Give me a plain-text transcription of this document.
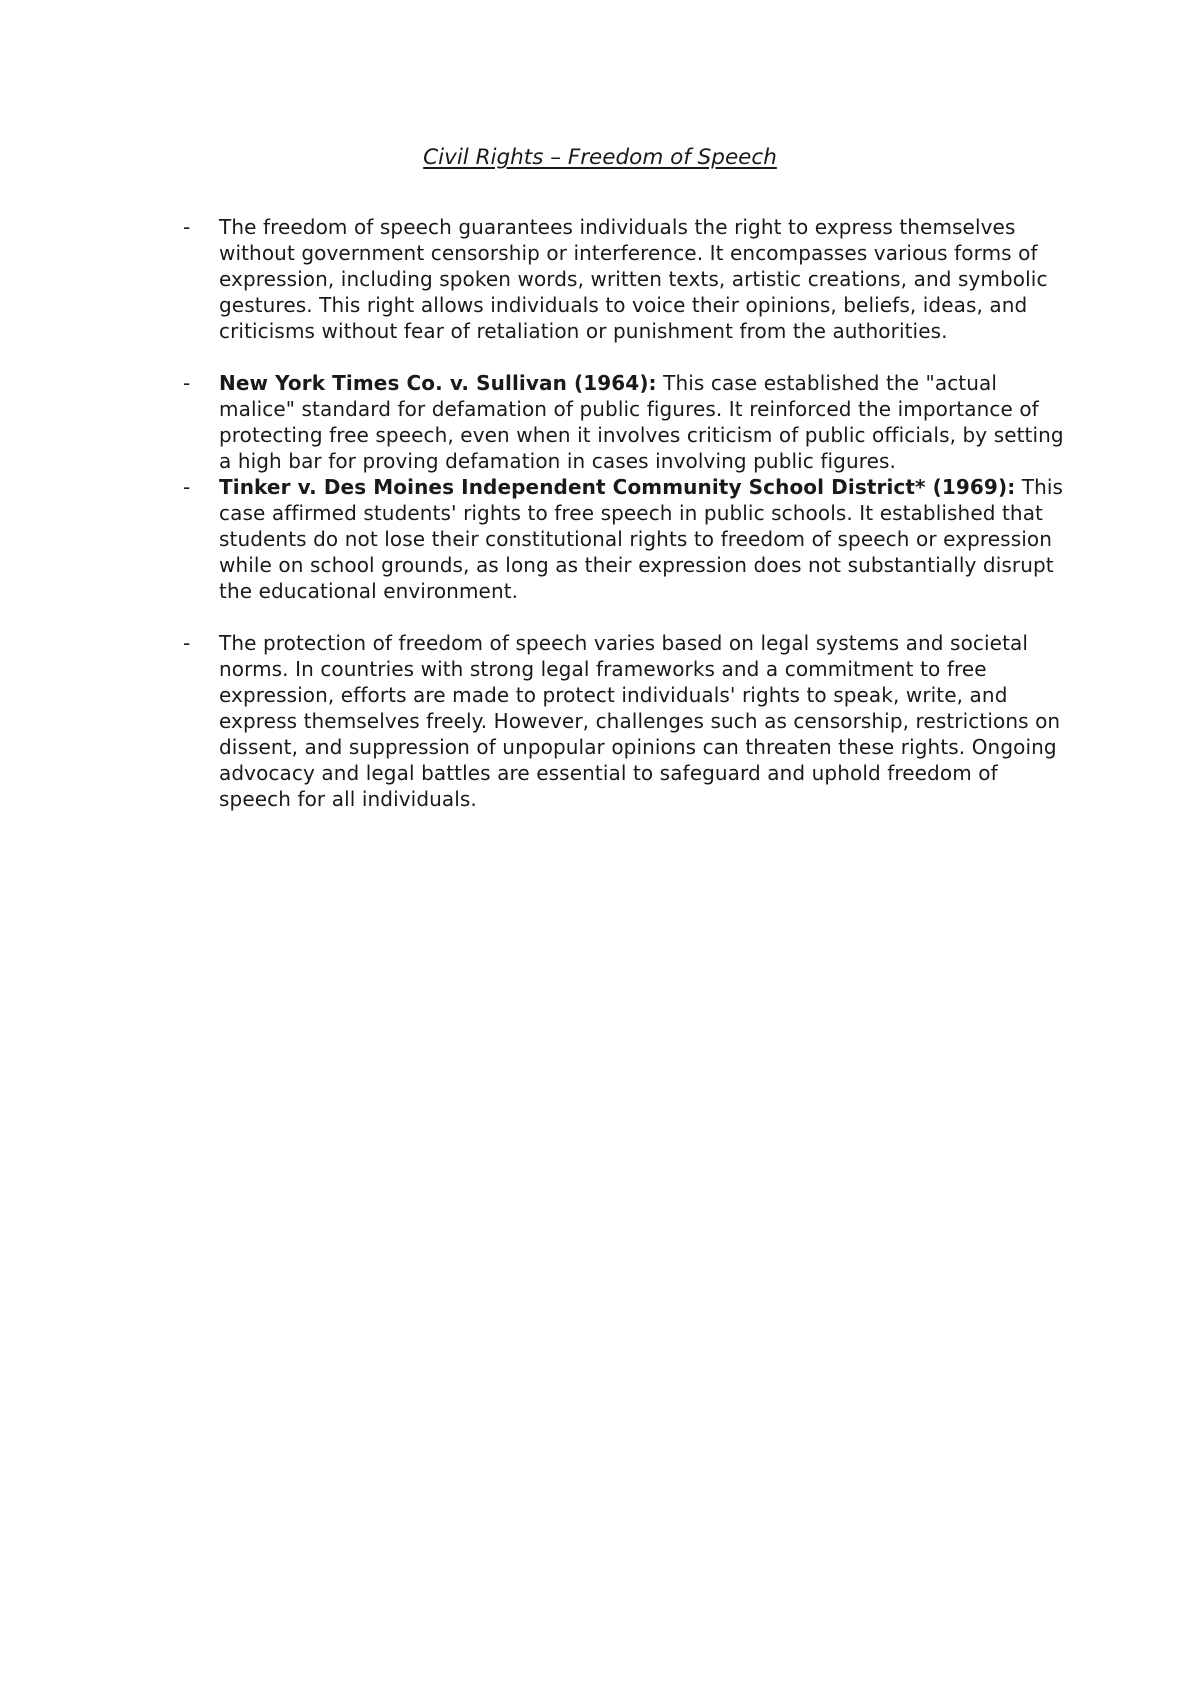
Civil Rights – Freedom of Speech
- The freedom of speech guarantees individuals the right to express themselves without government censorship or interference. It encompasses various forms of expression, including spoken words, written texts, artistic creations, and symbolic gestures. This right allows individuals to voice their opinions, beliefs, ideas, and criticisms without fear of retaliation or punishment from the authorities.
- New York Times Co. v. Sullivan (1964): This case established the "actual malice" standard for defamation of public figures. It reinforced the importance of protecting free speech, even when it involves criticism of public officials, by setting a high bar for proving defamation in cases involving public figures.
- Tinker v. Des Moines Independent Community School District* (1969): This case affirmed students' rights to free speech in public schools. It established that students do not lose their constitutional rights to freedom of speech or expression while on school grounds, as long as their expression does not substantially disrupt the educational environment.
- The protection of freedom of speech varies based on legal systems and societal norms. In countries with strong legal frameworks and a commitment to free expression, efforts are made to protect individuals' rights to speak, write, and express themselves freely. However, challenges such as censorship, restrictions on dissent, and suppression of unpopular opinions can threaten these rights. Ongoing advocacy and legal battles are essential to safeguard and uphold freedom of speech for all individuals.
